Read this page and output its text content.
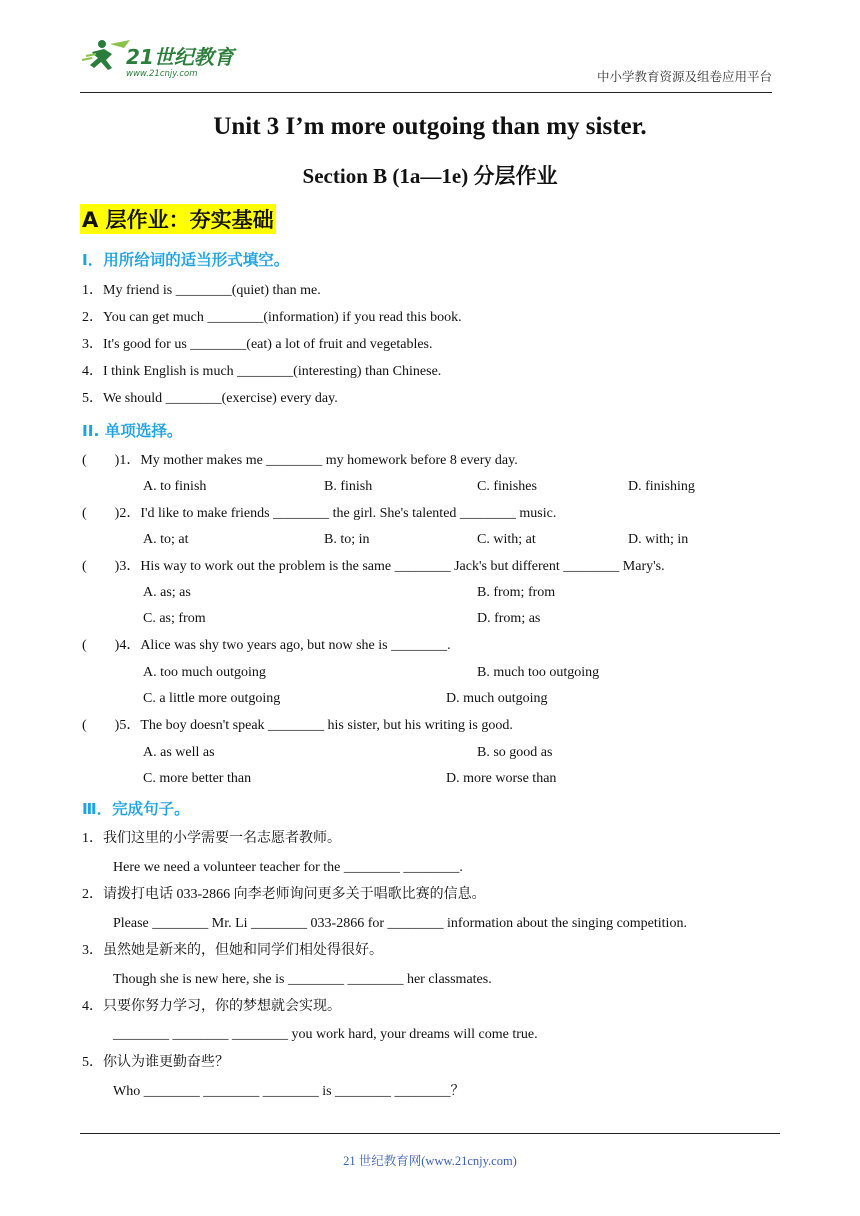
21世纪教育
www.21cnjy.com	中小学教育资源及组卷应用平台
Unit 3 I’m more outgoing than my sister.
Section B (1a—1e) 分层作业
A 层作业：夯实基础
Ⅰ．用所给词的适当形式填空。
1．My friend is ________(quiet) than me.
2．You can get much ________(information) if you read this book.
3．It's good for us ________(eat) a lot of fruit and vegetables.
4．I think English is much ________(interesting) than Chinese.
5．We should ________(exercise) every day.
II. 单项选择。
(　　)1．My mother makes me ________ my homework before 8 every day.
A. to finish	B. finish	C. finishes	D. finishing
(　　)2．I'd like to make friends ________ the girl. She's talented ________ music.
A. to; at	B. to; in	C. with; at	D. with; in
(　　)3．His way to work out the problem is the same ________ Jack's but different ________ Mary's.
A. as; as	B. from; from
C. as; from	D. from; as
(　　)4．Alice was shy two years ago, but now she is ________.
A. too much outgoing	B. much too outgoing
C. a little more outgoing	D. much outgoing
(　　)5．The boy doesn't speak ________ his sister, but his writing is good.
A. as well as	B. so good as
C. more better than	D. more worse than
Ⅲ．完成句子。
1．我们这里的小学需要一名志愿者教师。
Here we need a volunteer teacher for the ________ ________.
2．请拨打电话 033-2866 向李老师询问更多关于唱歌比赛的信息。
Please ________ Mr. Li ________ 033-2866 for ________ information about the singing competition.
3．虽然她是新来的，但她和同学们相处得很好。
Though she is new here, she is ________ ________ her classmates.
4．只要你努力学习，你的梦想就会实现。
________ ________ ________ you work hard, your dreams will come true.
5．你认为谁更勤奋些？
Who ________ ________ ________ is ________ ________？
21 世纪教育网(www.21cnjy.com)
